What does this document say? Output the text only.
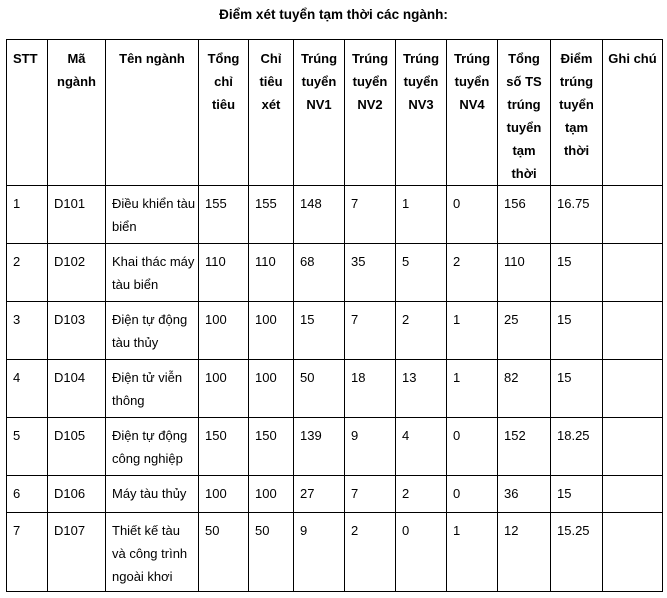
Điểm xét tuyển tạm thời các ngành:
STT	Mã ngành	Tên ngành	Tổng chỉ tiêu	Chỉ tiêu xét	Trúng tuyển NV1	Trúng tuyển NV2	Trúng tuyển NV3	Trúng tuyển NV4	Tổng số TS trúng tuyển tạm thời	Điểm trúng tuyển tạm thời	Ghi chú
1	D101	Điều khiển tàu biển	155	155	148	7	1	0	156	16.75	
2	D102	Khai thác máy tàu biển	110	110	68	35	5	2	110	15	
3	D103	Điện tự động tàu thủy	100	100	15	7	2	1	25	15	
4	D104	Điện tử viễn thông	100	100	50	18	13	1	82	15	
5	D105	Điện tự động công nghiệp	150	150	139	9	4	0	152	18.25	
6	D106	Máy tàu thủy	100	100	27	7	2	0	36	15	
7	D107	Thiết kế tàu và công trình ngoài khơi	50	50	9	2	0	1	12	15.25	
